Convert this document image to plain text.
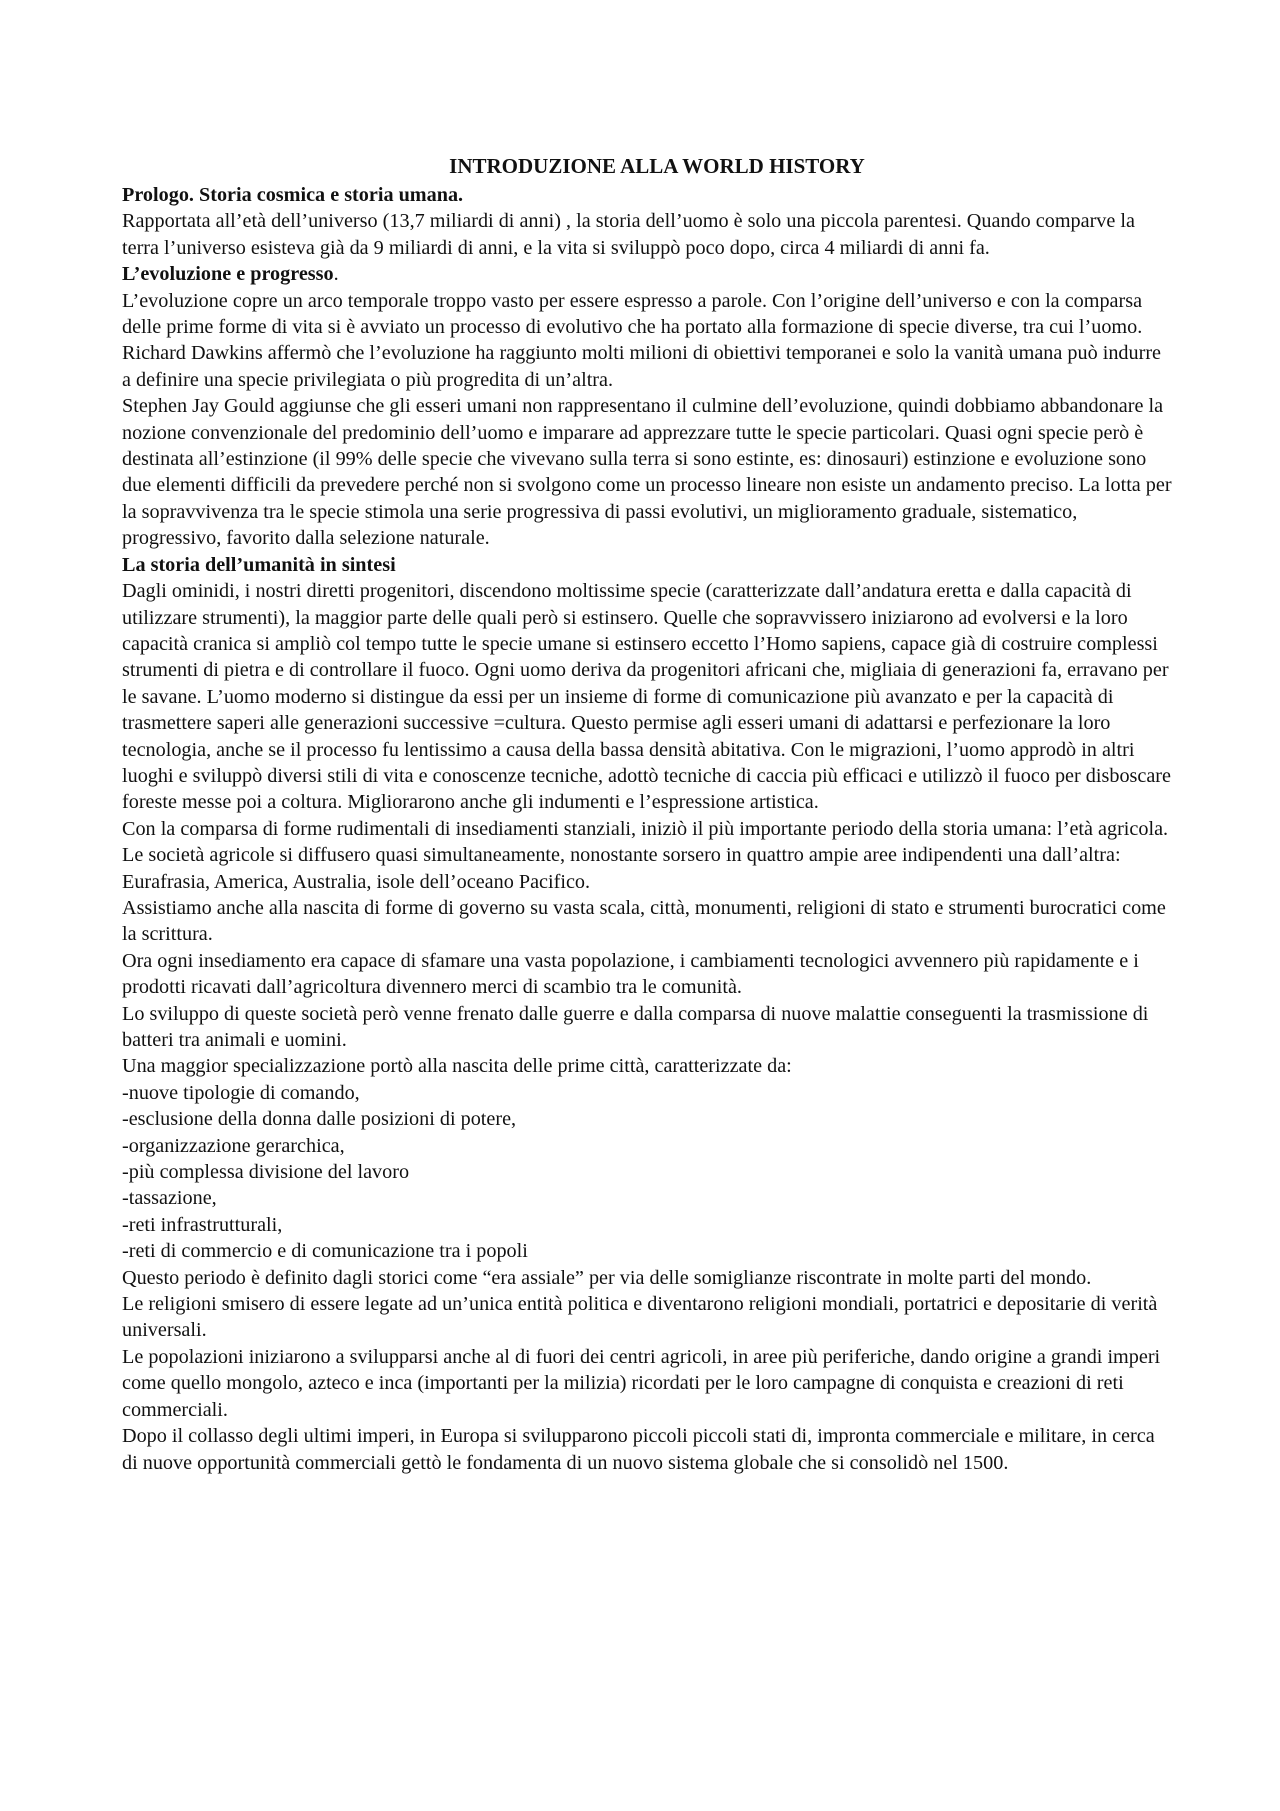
INTRODUZIONE ALLA WORLD HISTORY
Prologo. Storia cosmica e storia umana.

Rapportata all’età dell’universo (13,7 miliardi di anni) , la storia dell’uomo è solo una piccola parentesi. Quando comparve la terra l’universo esisteva già da 9 miliardi di anni, e la vita si sviluppò poco dopo, circa 4 miliardi di anni fa.

L’evoluzione e progresso.

L’evoluzione copre un arco temporale troppo vasto per essere espresso a parole. Con l’origine dell’universo e con la comparsa delle prime forme di vita si è avviato un processo di evolutivo che ha portato alla formazione di specie diverse, tra cui l’uomo. Richard Dawkins affermò che l’evoluzione ha raggiunto molti milioni di obiettivi temporanei e solo la vanità umana può indurre a definire una specie privilegiata o più progredita di un’altra.

Stephen Jay Gould aggiunse che gli esseri umani non rappresentano il culmine dell’evoluzione, quindi dobbiamo abbandonare la nozione convenzionale del predominio dell’uomo e imparare ad apprezzare tutte le specie particolari. Quasi ogni specie però è destinata all’estinzione (il 99% delle specie che vivevano sulla terra si sono estinte, es: dinosauri) estinzione e evoluzione sono due elementi difficili da prevedere perché non si svolgono come un processo lineare non esiste un andamento preciso. La lotta per la sopravvivenza tra le specie stimola una serie progressiva di passi evolutivi, un miglioramento graduale, sistematico, progressivo, favorito dalla selezione naturale.

La storia dell’umanità in sintesi

Dagli ominidi, i nostri diretti progenitori, discendono moltissime specie (caratterizzate dall’andatura eretta e dalla capacità di utilizzare strumenti), la maggior parte delle quali però si estinsero. Quelle che sopravvissero iniziarono ad evolversi e la loro capacità cranica si ampliò col tempo tutte le specie umane si estinsero eccetto l’Homo sapiens, capace già di costruire complessi strumenti di pietra e di controllare il fuoco. Ogni uomo deriva da progenitori africani che, migliaia di generazioni fa, erravano per le savane. L’uomo moderno si distingue da essi per un insieme di forme di comunicazione più avanzato e per la capacità di trasmettere saperi alle generazioni successive =cultura. Questo permise agli esseri umani di adattarsi e perfezionare la loro tecnologia, anche se il processo fu lentissimo a causa della bassa densità abitativa. Con le migrazioni, l’uomo approdò in altri luoghi e sviluppò diversi stili di vita e conoscenze tecniche, adottò tecniche di caccia più efficaci e utilizzò il fuoco per disboscare foreste messe poi a coltura. Migliorarono anche gli indumenti e l’espressione artistica.

Con la comparsa di forme rudimentali di insediamenti stanziali, iniziò il più importante periodo della storia umana: l’età agricola.

Le società agricole si diffusero quasi simultaneamente, nonostante sorsero in quattro ampie aree indipendenti una dall’altra: Eurafrasia, America, Australia, isole dell’oceano Pacifico.

Assistiamo anche alla nascita di forme di governo su vasta scala, città, monumenti, religioni di stato e strumenti burocratici come la scrittura.

Ora ogni insediamento era capace di sfamare una vasta popolazione, i cambiamenti tecnologici avvennero più rapidamente e i prodotti ricavati dall’agricoltura divennero merci di scambio tra le comunità.

Lo sviluppo di queste società però venne frenato dalle guerre e dalla comparsa di nuove malattie conseguenti la trasmissione di batteri tra animali e uomini.

Una maggior specializzazione portò alla nascita delle prime città, caratterizzate da:

-nuove tipologie di comando,
-esclusione della donna dalle posizioni di potere,
-organizzazione gerarchica,
-più complessa divisione del lavoro
-tassazione,
-reti infrastrutturali,
-reti di commercio e di comunicazione tra i popoli

Questo periodo è definito dagli storici come “era assiale” per via delle somiglianze riscontrate in molte parti del mondo.

Le religioni smisero di essere legate ad un’unica entità politica e diventarono religioni mondiali, portatrici e depositarie di verità universali.

Le popolazioni iniziarono a svilupparsi anche al di fuori dei centri agricoli, in aree più periferiche, dando origine a grandi imperi come quello mongolo, azteco e inca (importanti per la milizia) ricordati per le loro campagne di conquista e creazioni di reti commerciali.

Dopo il collasso degli ultimi imperi, in Europa si svilupparono piccoli piccoli stati di, impronta commerciale e militare, in cerca di nuove opportunità commerciali gettò le fondamenta di un nuovo sistema globale che si consolidò nel 1500.
